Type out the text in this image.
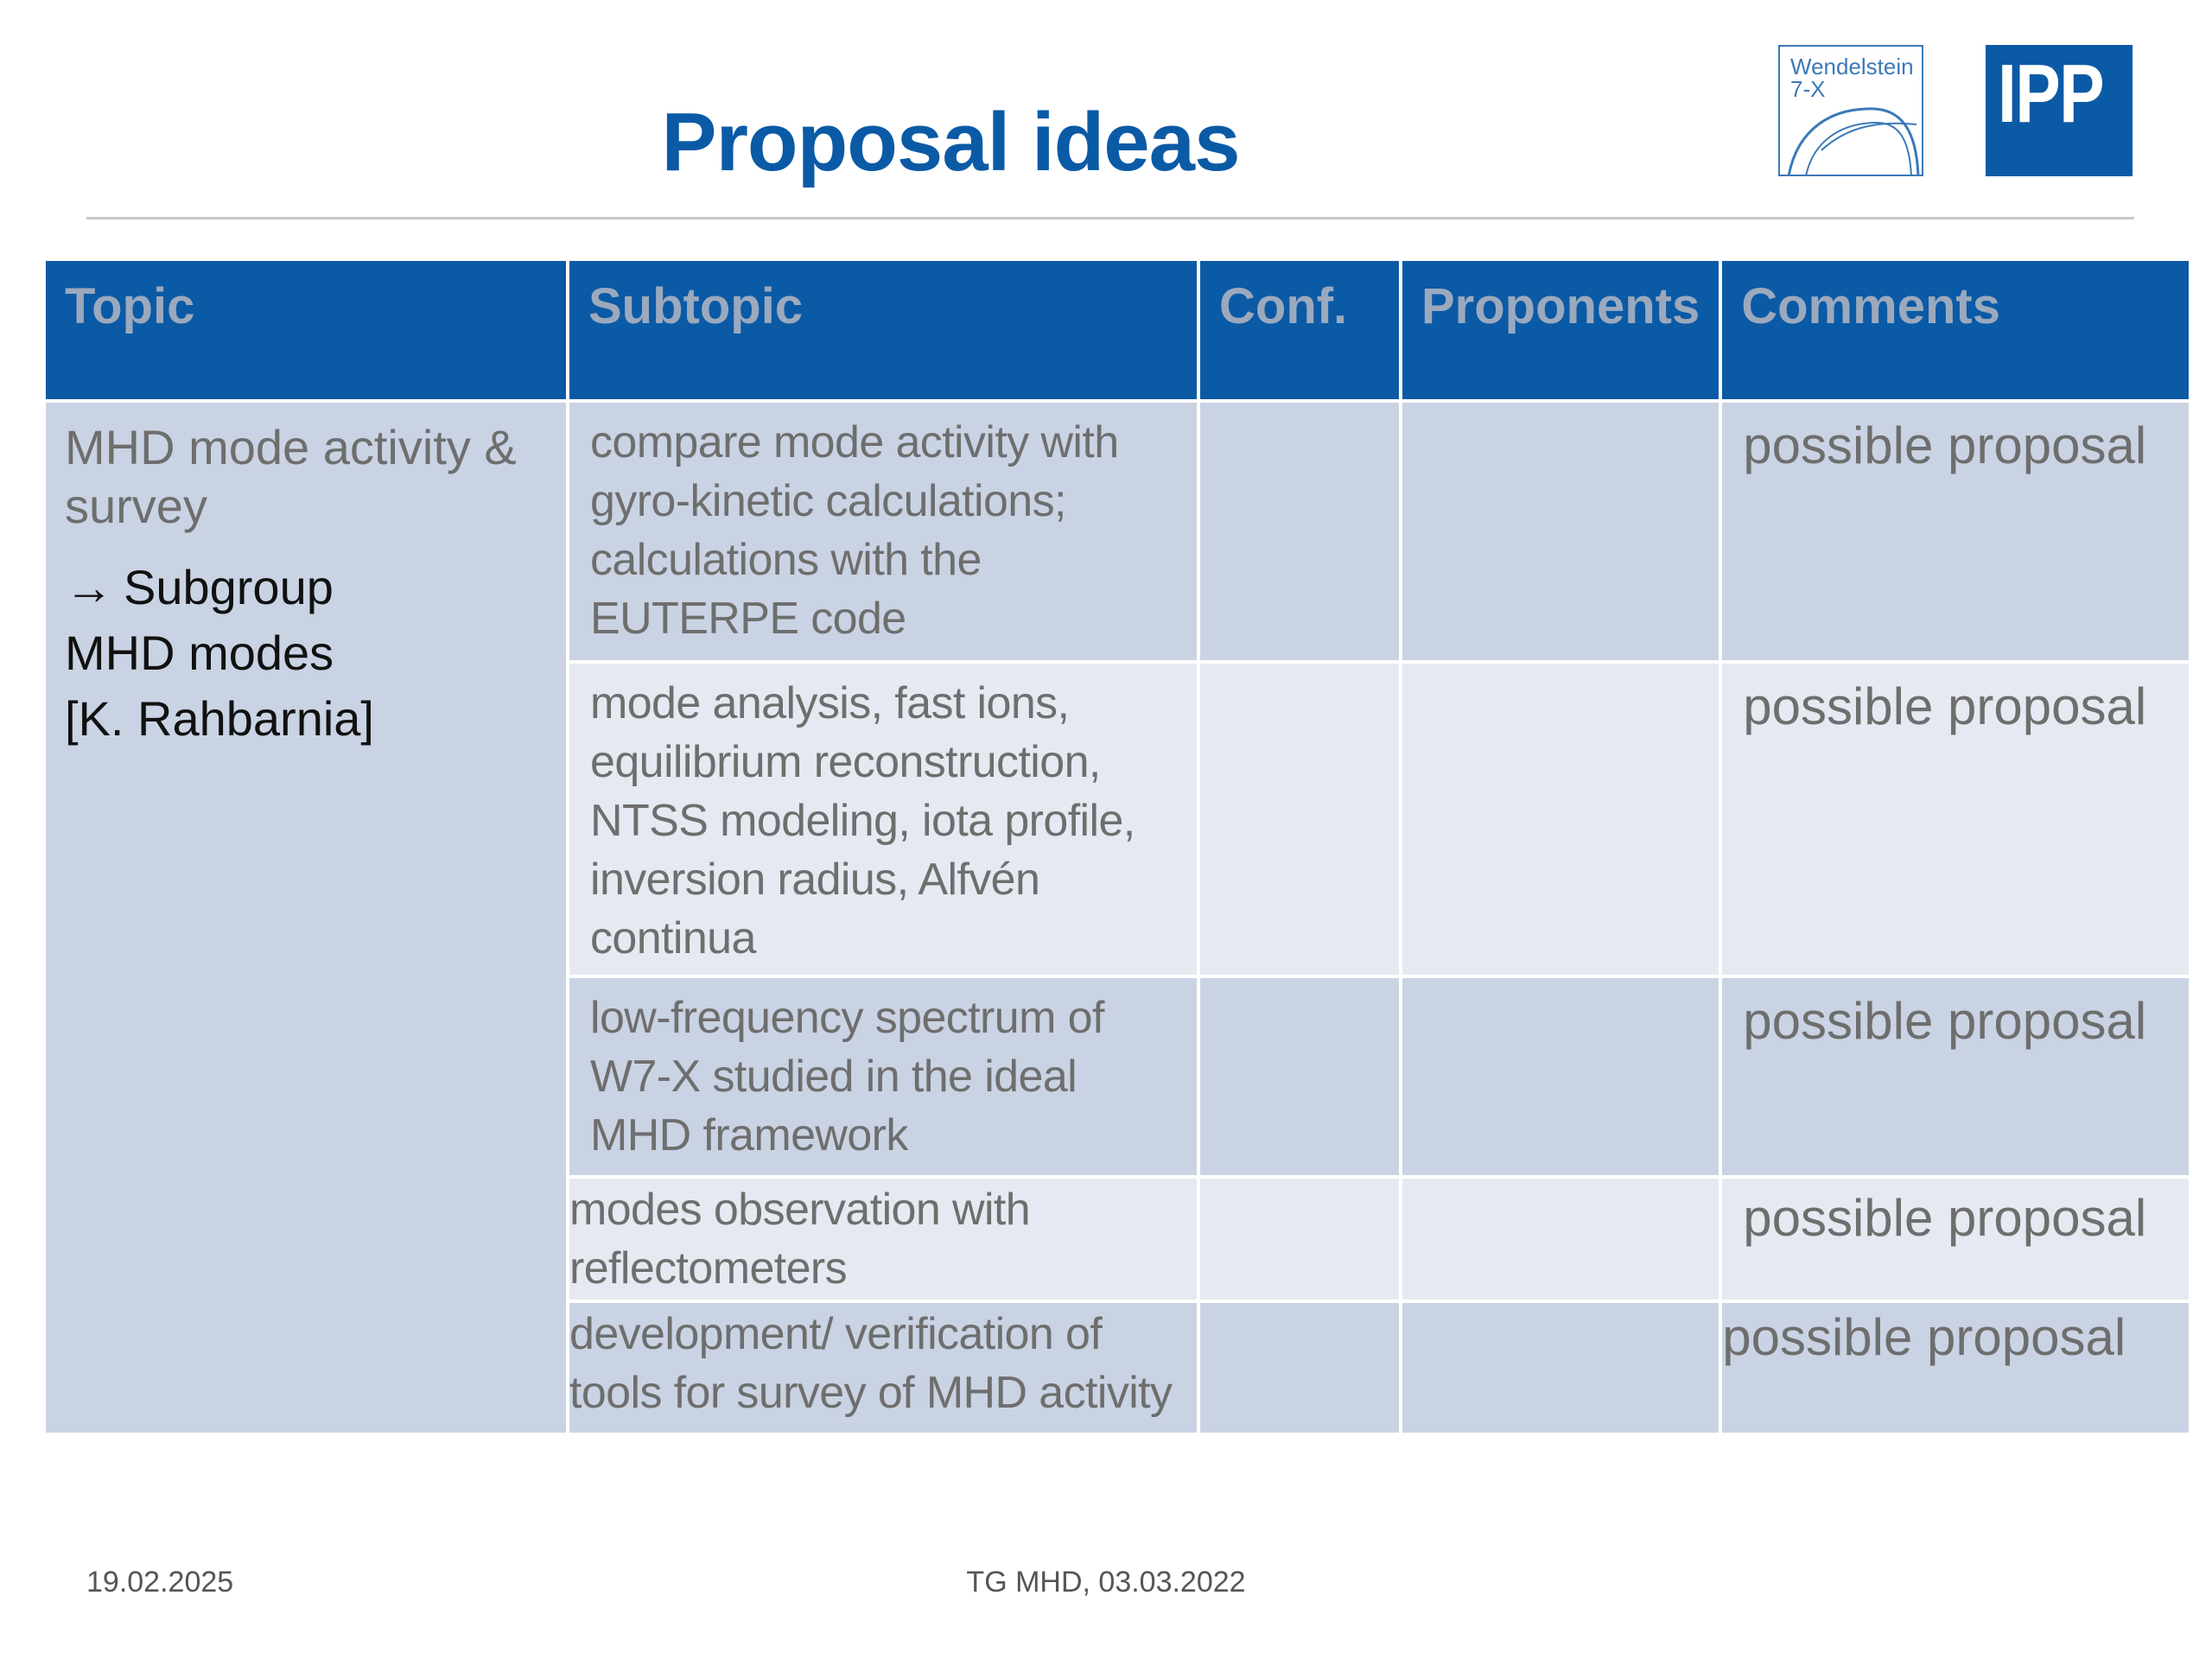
Proposal ideas
Wendelstein
7-X	IPP
Topic	Subtopic	Conf.	Proponents	Comments

MHD mode activity & survey
→ Subgroup
MHD modes
[K. Rahbarnia]	compare mode activity with gyro-kinetic calculations; calculations with the EUTERPE code			possible proposal
	mode analysis, fast ions, equilibrium reconstruction, NTSS modeling, iota profile, inversion radius, Alfvén continua			possible proposal
	low-frequency spectrum of W7-X studied in the ideal MHD framework			possible proposal
	modes observation with reflectometers			possible proposal
	development/ verification of tools for survey of MHD activity			possible proposal
19.02.2025	TG MHD, 03.03.2022
